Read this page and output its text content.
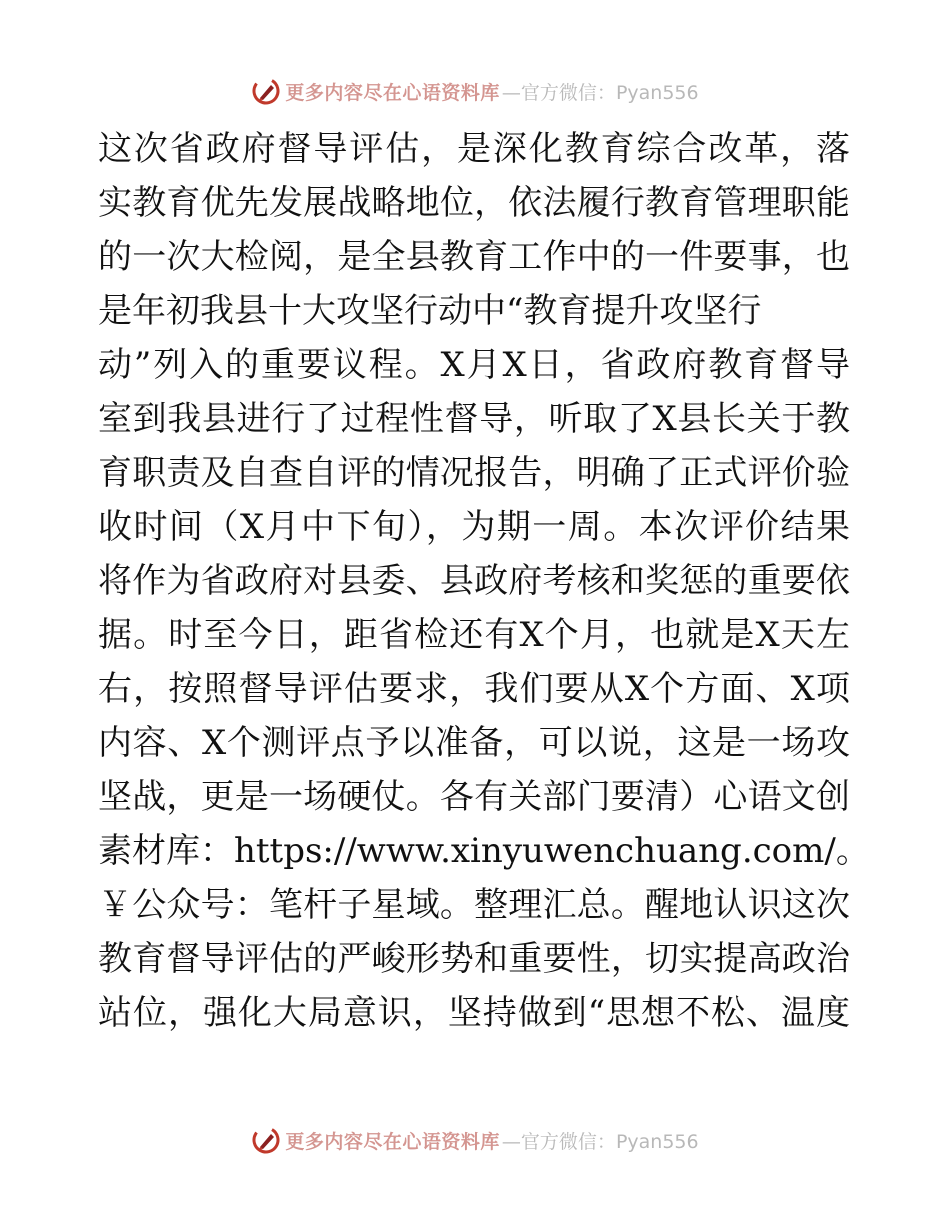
更多内容尽在心语资料库 —官方微信：Pyan556
这次省政府督导评估，是深化教育综合改革，落
实教育优先发展战略地位，依法履行教育管理职能
的一次大检阅，是全县教育工作中的一件要事，也
是年初我县十大攻坚行动中“教育提升攻坚行
动”列入的重要议程。X月X日，省政府教育督导
室到我县进行了过程性督导，听取了X县长关于教
育职责及自查自评的情况报告，明确了正式评价验
收时间（X月中下旬），为期一周。本次评价结果
将作为省政府对县委、县政府考核和奖惩的重要依
据。时至今日，距省检还有X个月，也就是X天左
右，按照督导评估要求，我们要从X个方面、X项
内容、X个测评点予以准备，可以说，这是一场攻
坚战，更是一场硬仗。各有关部门要清）心语文创
素材库：https://www.xinyuwenchuang.com/。
￥公众号：笔杆子星域。整理汇总。醒地认识这次
教育督导评估的严峻形势和重要性，切实提高政治
站位，强化大局意识，坚持做到“思想不松、温度
更多内容尽在心语资料库 —官方微信：Pyan556
